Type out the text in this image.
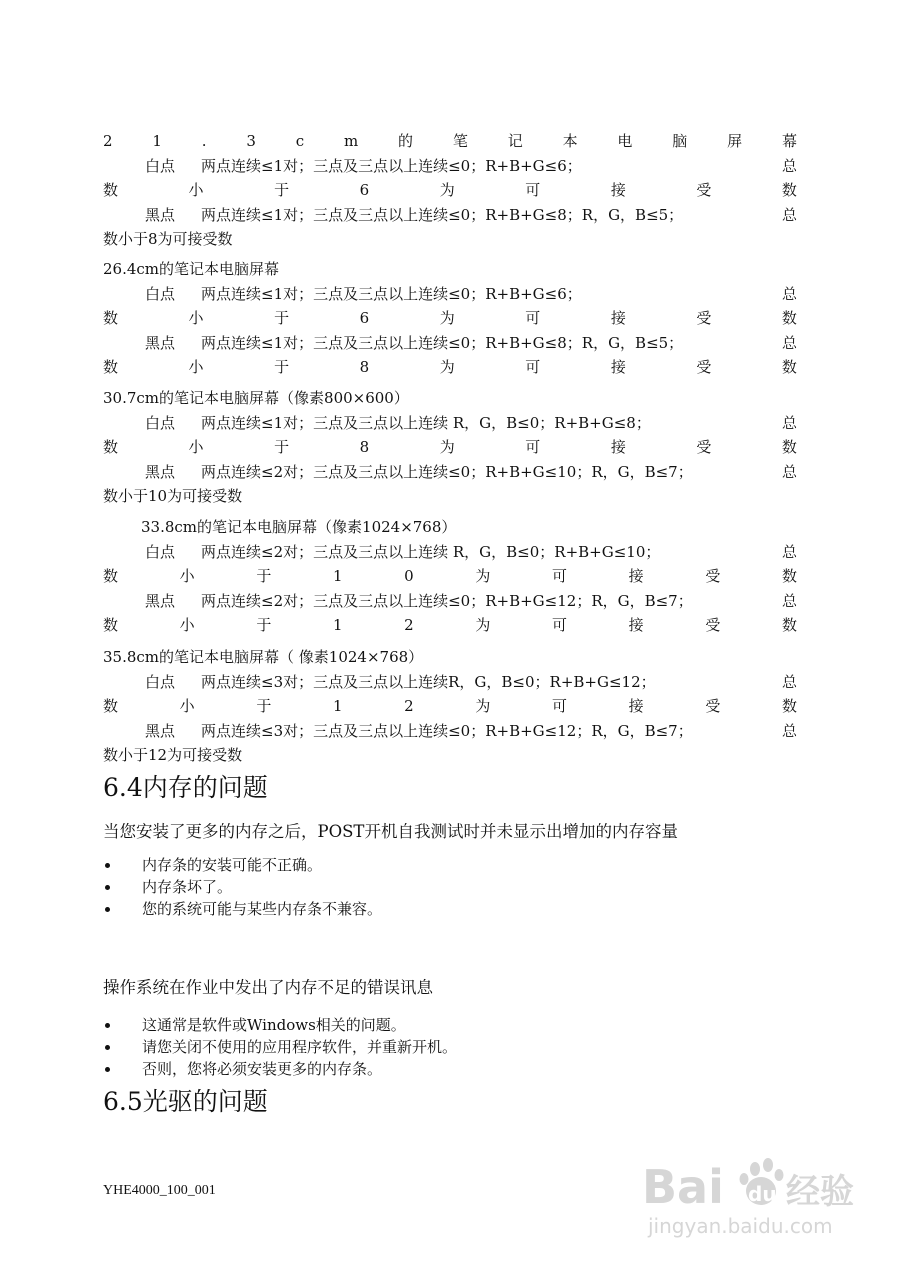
2	1	.	3	c	m	的	笔	记	本	电	脑	屏	幕
白点 两点连续≤1对；三点及三点以上连续≤0；R+B+G≤6；	总
数	小	于	6	为	可	接	受	数
黑点 两点连续≤1对；三点及三点以上连续≤0；R+B+G≤8；R，G，B≤5；	总
数小于8为可接受数
26.4cm的笔记本电脑屏幕
白点 两点连续≤1对；三点及三点以上连续≤0；R+B+G≤6；	总
数	小	于	6	为	可	接	受	数
黑点 两点连续≤1对；三点及三点以上连续≤0；R+B+G≤8；R，G，B≤5；	总
数	小	于	8	为	可	接	受	数
30.7cm的笔记本电脑屏幕（像素800×600）
白点 两点连续≤1对；三点及三点以上连续 R，G，B≤0；R+B+G≤8；	总
数	小	于	8	为	可	接	受	数
黑点 两点连续≤2对；三点及三点以上连续≤0；R+B+G≤10；R，G，B≤7；	总
数小于10为可接受数
33.8cm的笔记本电脑屏幕（像素1024×768）
白点 两点连续≤2对；三点及三点以上连续 R，G，B≤0；R+B+G≤10；	总
数	小	于	1	0	为	可	接	受	数
黑点 两点连续≤2对；三点及三点以上连续≤0；R+B+G≤12；R，G，B≤7；	总
数	小	于	1	2	为	可	接	受	数
35.8cm的笔记本电脑屏幕（ 像素1024×768）
白点 两点连续≤3对；三点及三点以上连续R，G，B≤0；R+B+G≤12；	总
数	小	于	1	2	为	可	接	受	数
黑点 两点连续≤3对；三点及三点以上连续≤0；R+B+G≤12；R，G，B≤7；	总
数小于12为可接受数
6.4内存的问题
当您安装了更多的内存之后，POST开机自我测试时并未显示出增加的内存容量
内存条的安装可能不正确。
内存条坏了。
您的系统可能与某些内存条不兼容。
操作系统在作业中发出了内存不足的错误讯息
这通常是软件或Windows相关的问题。
请您关闭不使用的应用程序软件，并重新开机。
否则，您将必须安装更多的内存条。
6.5光驱的问题
YHE4000_100_001	Bai du 经验
jingyan.baidu.com
